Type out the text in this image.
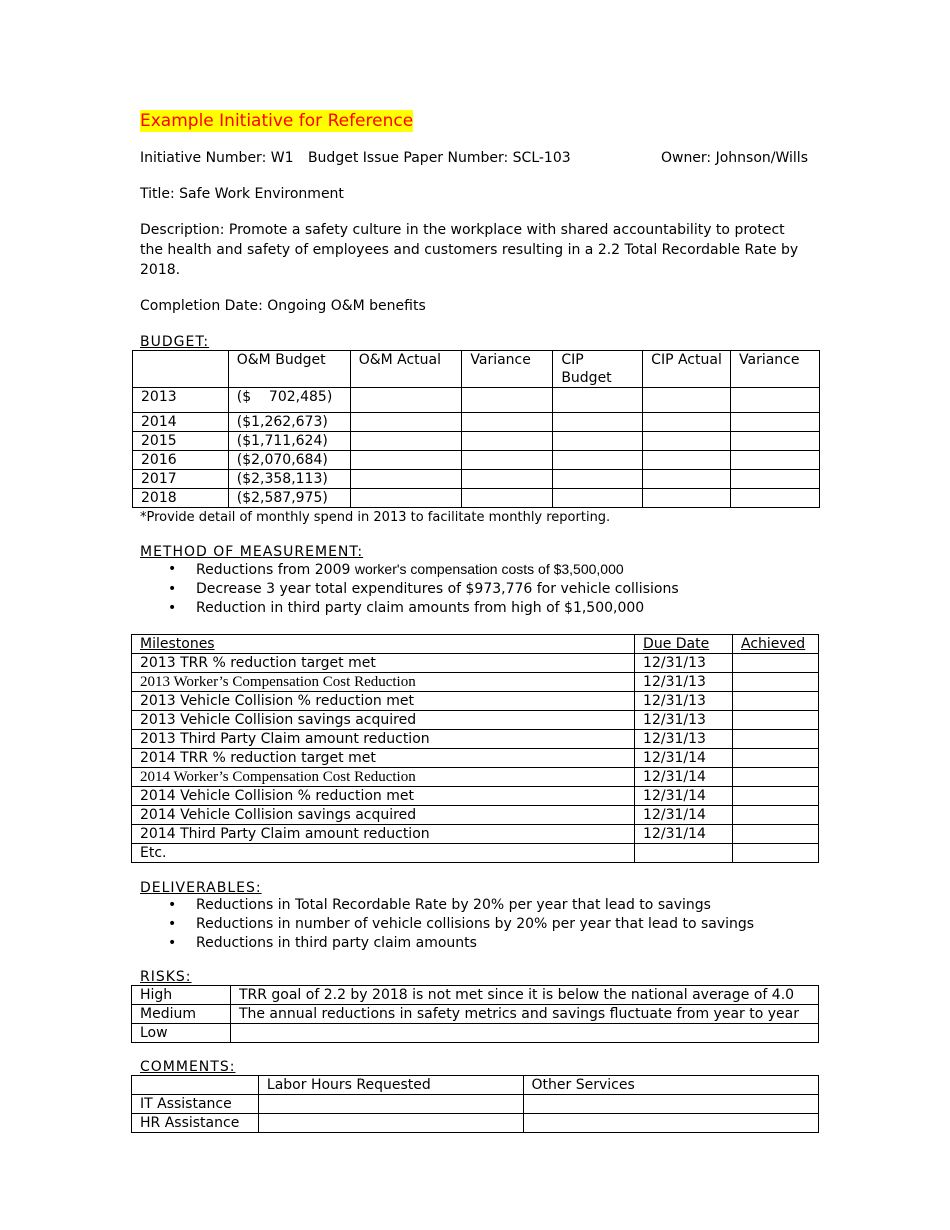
Example Initiative for Reference
Initiative Number: W1 Budget Issue Paper Number: SCL-103	Owner: Johnson/Wills
Title: Safe Work Environment
Description: Promote a safety culture in the workplace with shared accountability to protect the health and safety of employees and customers resulting in a 2.2 Total Recordable Rate by 2018.
Completion Date: Ongoing O&M benefits
BUDGET:
	O&M Budget	O&M Actual	Variance	CIP Budget	CIP Actual	Variance
2013	($    702,485)					
2014	($1,262,673)					
2015	($1,711,624)					
2016	($2,070,684)					
2017	($2,358,113)					
2018	($2,587,975)					
*Provide detail of monthly spend in 2013 to facilitate monthly reporting.
METHOD OF MEASUREMENT:
• Reductions from 2009 worker's compensation costs of $3,500,000
• Decrease 3 year total expenditures of $973,776 for vehicle collisions
• Reduction in third party claim amounts from high of $1,500,000
Milestones	Due Date	Achieved
2013 TRR % reduction target met	12/31/13	
2013 Worker’s Compensation Cost Reduction	12/31/13	
2013 Vehicle Collision % reduction met	12/31/13	
2013 Vehicle Collision savings acquired	12/31/13	
2013 Third Party Claim amount reduction	12/31/13	
2014 TRR % reduction target met	12/31/14	
2014 Worker’s Compensation Cost Reduction	12/31/14	
2014 Vehicle Collision % reduction met	12/31/14	
2014 Vehicle Collision savings acquired	12/31/14	
2014 Third Party Claim amount reduction	12/31/14	
Etc.		
DELIVERABLES:
• Reductions in Total Recordable Rate by 20% per year that lead to savings
• Reductions in number of vehicle collisions by 20% per year that lead to savings
• Reductions in third party claim amounts
RISKS:
High	TRR goal of 2.2 by 2018 is not met since it is below the national average of 4.0
Medium	The annual reductions in safety metrics and savings fluctuate from year to year
Low	
COMMENTS:
	Labor Hours Requested	Other Services
IT Assistance		
HR Assistance		
